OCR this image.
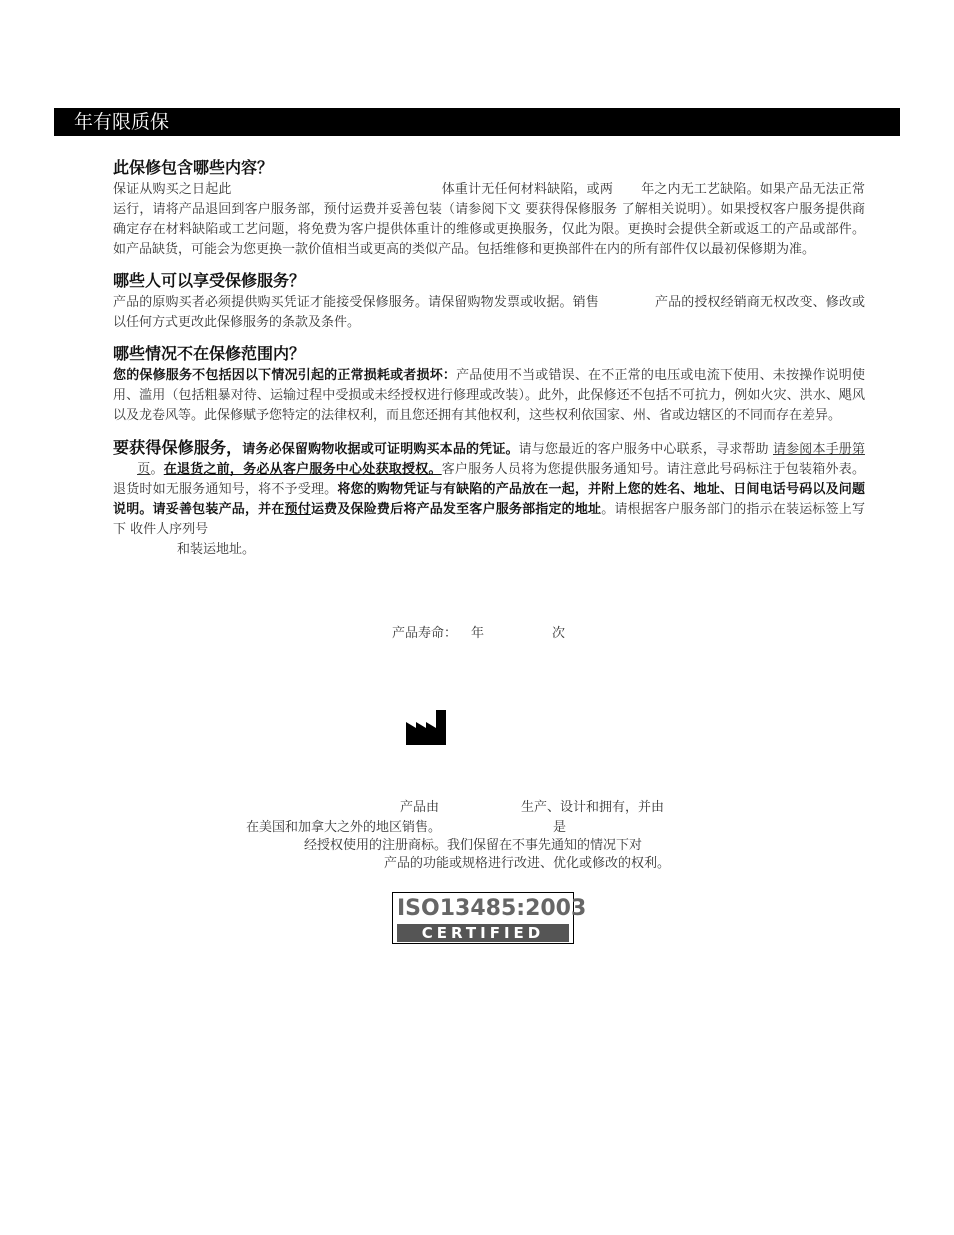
年有限质保
此保修包含哪些内容？

保证从购买之日起此	体重计无任何材料缺陷，或两 年之内无工艺缺陷。如果产品无法正常运行，请将产品退回到客户服务部，预付运费并妥善包装（请参阅下文 要获得保修服务 了解相关说明）。如果授权客户服务提供商确定存在材料缺陷或工艺问题，将免费为客户提供体重计的维修或更换服务，仅此为限。更换时会提供全新或返工的产品或部件。如产品缺货，可能会为您更换一款价值相当或更高的类似产品。包括维修和更换部件在内的所有部件仅以最初保修期为准。

哪些人可以享受保修服务？

产品的原购买者必须提供购买凭证才能接受保修服务。请保留购物发票或收据。销售	产品的授权经销商无权改变、修改或以任何方式更改此保修服务的条款及条件。

哪些情况不在保修范围内？

您的保修服务不包括因以下情况引起的正常损耗或者损坏：产品使用不当或错误、在不正常的电压或电流下使用、未按操作说明使用、滥用（包括粗暴对待、运输过程中受损或未经授权进行修理或改装）。此外，此保修还不包括不可抗力，例如火灾、洪水、飓风以及龙卷风等。此保修赋予您特定的法律权利，而且您还拥有其他权利，这些权利依国家、州、省或边辖区的不同而存在差异。

要获得保修服务，请务必保留购物收据或可证明购买本品的凭证。请与您最近的客户服务中心联系，寻求帮助 请参阅本手册第页。在退货之前，务必从客户服务中心处获取授权。客户服务人员将为您提供服务通知号。请注意此号码标注于包装箱外表。退货时如无服务通知号，将不予受理。将您的购物凭证与有缺陷的产品放在一起，并附上您的姓名、地址、日间电话号码以及问题说明。请妥善包装产品，并在预付运费及保险费后将产品发至客户服务部指定的地址。请根据客户服务部门的指示在装运标签上写下 收件人序列号
和装运地址。

产品寿命： 年	次
产品由	生产、设计和拥有，并由
在美国和加拿大之外的地区销售。	是
经授权使用的注册商标。我们保留在不事先通知的情况下对
产品的功能或规格进行改进、优化或修改的权利。
ISO13485:2003
CERTIFIED
